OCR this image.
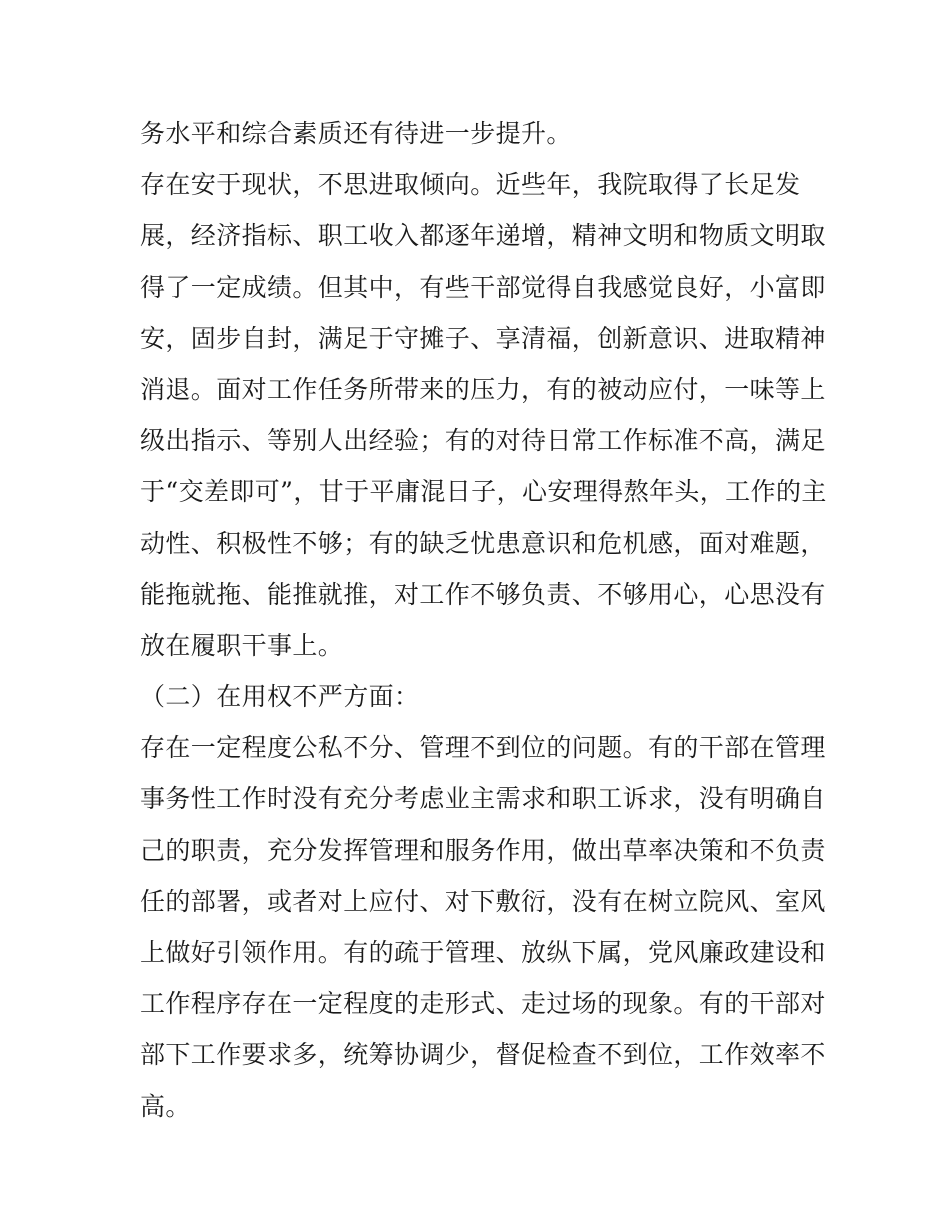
务水平和综合素质还有待进一步提升。
存在安于现状，不思进取倾向。近些年，我院取得了长足发
展，经济指标、职工收入都逐年递增，精神文明和物质文明取
得了一定成绩。但其中，有些干部觉得自我感觉良好，小富即
安，固步自封，满足于守摊子、享清福，创新意识、进取精神
消退。面对工作任务所带来的压力，有的被动应付，一味等上
级出指示、等别人出经验；有的对待日常工作标准不高，满足
于“交差即可”，甘于平庸混日子，心安理得熬年头，工作的主
动性、积极性不够；有的缺乏忧患意识和危机感，面对难题，
能拖就拖、能推就推，对工作不够负责、不够用心，心思没有
放在履职干事上。
（二）在用权不严方面：
存在一定程度公私不分、管理不到位的问题。有的干部在管理
事务性工作时没有充分考虑业主需求和职工诉求，没有明确自
己的职责，充分发挥管理和服务作用，做出草率决策和不负责
任的部署，或者对上应付、对下敷衍，没有在树立院风、室风
上做好引领作用。有的疏于管理、放纵下属，党风廉政建设和
工作程序存在一定程度的走形式、走过场的现象。有的干部对
部下工作要求多，统筹协调少，督促检查不到位，工作效率不
高。
